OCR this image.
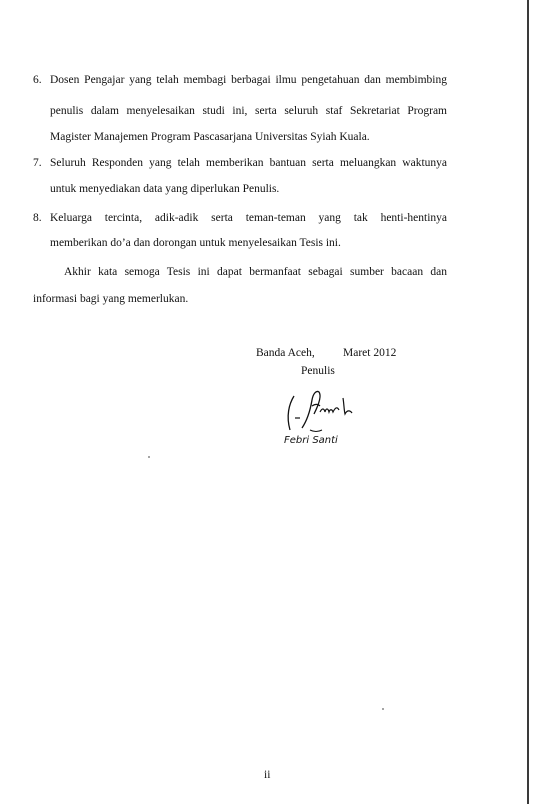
6. Dosen Pengajar yang telah membagi berbagai ilmu pengetahuan dan membimbing
penulis dalam menyelesaikan studi ini, serta seluruh staf Sekretariat Program
Magister Manajemen Program Pascasarjana Universitas Syiah Kuala.
7. Seluruh Responden yang telah memberikan bantuan serta meluangkan waktunya
untuk menyediakan data yang diperlukan Penulis.
8. Keluarga tercinta, adik-adik serta teman-teman yang tak henti-hentinya
memberikan do’a dan dorongan untuk menyelesaikan Tesis ini.
Akhir kata semoga Tesis ini dapat bermanfaat sebagai sumber bacaan dan
informasi bagi yang memerlukan.
Banda Aceh, Maret 2012
Penulis
Febri Santi
ii
